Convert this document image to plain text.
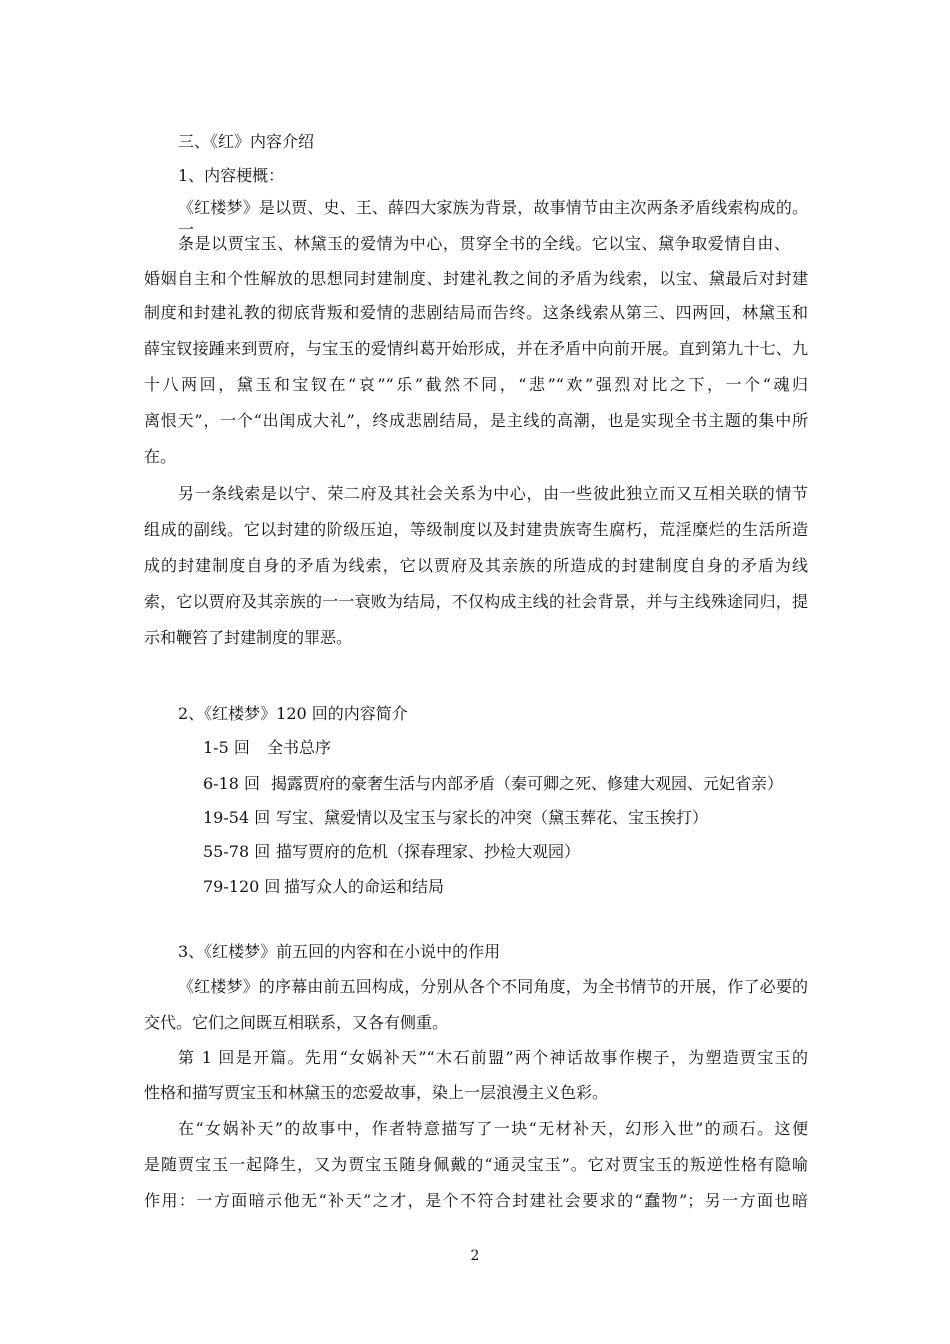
三、《红》内容介绍
1、内容梗概：
《红楼梦》是以贾、史、王、薛四大家族为背景，故事情节由主次两条矛盾线索构成的。一
条是以贾宝玉、林黛玉的爱情为中心，贯穿全书的全线。它以宝、黛争取爱情自由、
婚姻自主和个性解放的思想同封建制度、封建礼教之间的矛盾为线索，以宝、黛最后对封建
制度和封建礼教的彻底背叛和爱情的悲剧结局而告终。这条线索从第三、四两回，林黛玉和
薛宝钗接踵来到贾府，与宝玉的爱情纠葛开始形成，并在矛盾中向前开展。直到第九十七、九
十八两回，黛玉和宝钗在“哀”“乐”截然不同，“悲”“欢”强烈对比之下，一个“魂归
离恨天”，一个“出闺成大礼”，终成悲剧结局，是主线的高潮，也是实现全书主题的集中所
在。
另一条线索是以宁、荣二府及其社会关系为中心，由一些彼此独立而又互相关联的情节
组成的副线。它以封建的阶级压迫，等级制度以及封建贵族寄生腐朽，荒淫糜烂的生活所造
成的封建制度自身的矛盾为线索，它以贾府及其亲族的所造成的封建制度自身的矛盾为线
索，它以贾府及其亲族的一一衰败为结局，不仅构成主线的社会背景，并与主线殊途同归，提
示和鞭笞了封建制度的罪恶。
2、《红楼梦》120 回的内容简介
1-5 回 全书总序
6-18 回 揭露贾府的豪奢生活与内部矛盾（秦可卿之死、修建大观园、元妃省亲）
19-54 回 写宝、黛爱情以及宝玉与家长的冲突（黛玉葬花、宝玉挨打）
55-78 回 描写贾府的危机（探春理家、抄检大观园）
79-120 回 描写众人的命运和结局
3、《红楼梦》前五回的内容和在小说中的作用
《红楼梦》的序幕由前五回构成，分别从各个不同角度，为全书情节的开展，作了必要的
交代。它们之间既互相联系，又各有侧重。
第 1 回是开篇。先用“女娲补天”“木石前盟”两个神话故事作楔子，为塑造贾宝玉的
性格和描写贾宝玉和林黛玉的恋爱故事，染上一层浪漫主义色彩。
在“女娲补天”的故事中，作者特意描写了一块“无材补天，幻形入世”的顽石。这便
是随贾宝玉一起降生，又为贾宝玉随身佩戴的“通灵宝玉”。它对贾宝玉的叛逆性格有隐喻
作用：一方面暗示他无“补天”之才，是个不符合封建社会要求的“蠢物”；另一方面也暗
2
